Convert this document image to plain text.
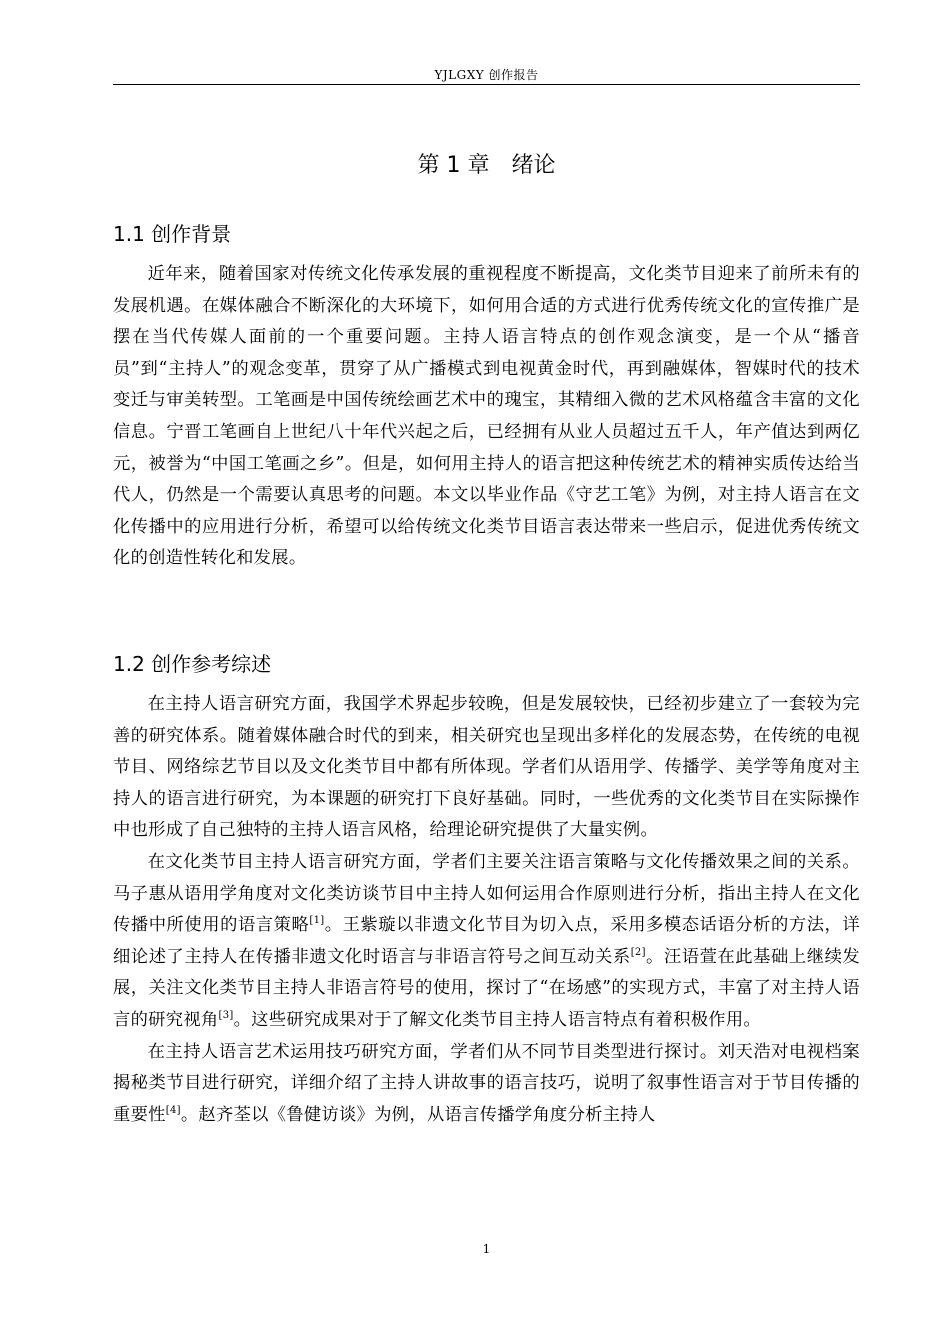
YJLGXY 创作报告
第 1 章 绪论
1.1 创作背景

近年来，随着国家对传统文化传承发展的重视程度不断提高，文化类节目迎来了前所未有的发展机遇。在媒体融合不断深化的大环境下，如何用合适的方式进行优秀传统文化的宣传推广是摆在当代传媒人面前的一个重要问题。主持人语言特点的创作观念演变，是一个从“播音员”到“主持人”的观念变革，贯穿了从广播模式到电视黄金时代，再到融媒体，智媒时代的技术变迁与审美转型。工笔画是中国传统绘画艺术中的瑰宝，其精细入微的艺术风格蕴含丰富的文化信息。宁晋工笔画自上世纪八十年代兴起之后，已经拥有从业人员超过五千人，年产值达到两亿元，被誉为“中国工笔画之乡”。但是，如何用主持人的语言把这种传统艺术的精神实质传达给当代人，仍然是一个需要认真思考的问题。本文以毕业作品《守艺工笔》为例，对主持人语言在文化传播中的应用进行分析，希望可以给传统文化类节目语言表达带来一些启示，促进优秀传统文化的创造性转化和发展。

1.2 创作参考综述

在主持人语言研究方面，我国学术界起步较晚，但是发展较快，已经初步建立了一套较为完善的研究体系。随着媒体融合时代的到来，相关研究也呈现出多样化的发展态势，在传统的电视节目、网络综艺节目以及文化类节目中都有所体现。学者们从语用学、传播学、美学等角度对主持人的语言进行研究，为本课题的研究打下良好基础。同时，一些优秀的文化类节目在实际操作中也形成了自己独特的主持人语言风格，给理论研究提供了大量实例。

在文化类节目主持人语言研究方面，学者们主要关注语言策略与文化传播效果之间的关系。马子惠从语用学角度对文化类访谈节目中主持人如何运用合作原则进行分析，指出主持人在文化传播中所使用的语言策略[1]。王紫璇以非遗文化节目为切入点，采用多模态话语分析的方法，详细论述了主持人在传播非遗文化时语言与非语言符号之间互动关系[2]。汪语萱在此基础上继续发展，关注文化类节目主持人非语言符号的使用，探讨了“在场感”的实现方式，丰富了对主持人语言的研究视角[3]。这些研究成果对于了解文化类节目主持人语言特点有着积极作用。

在主持人语言艺术运用技巧研究方面，学者们从不同节目类型进行探讨。刘天浩对电视档案揭秘类节目进行研究，详细介绍了主持人讲故事的语言技巧，说明了叙事性语言对于节目传播的重要性[4]。赵齐荃以《鲁健访谈》为例，从语言传播学角度分析主持人

1
